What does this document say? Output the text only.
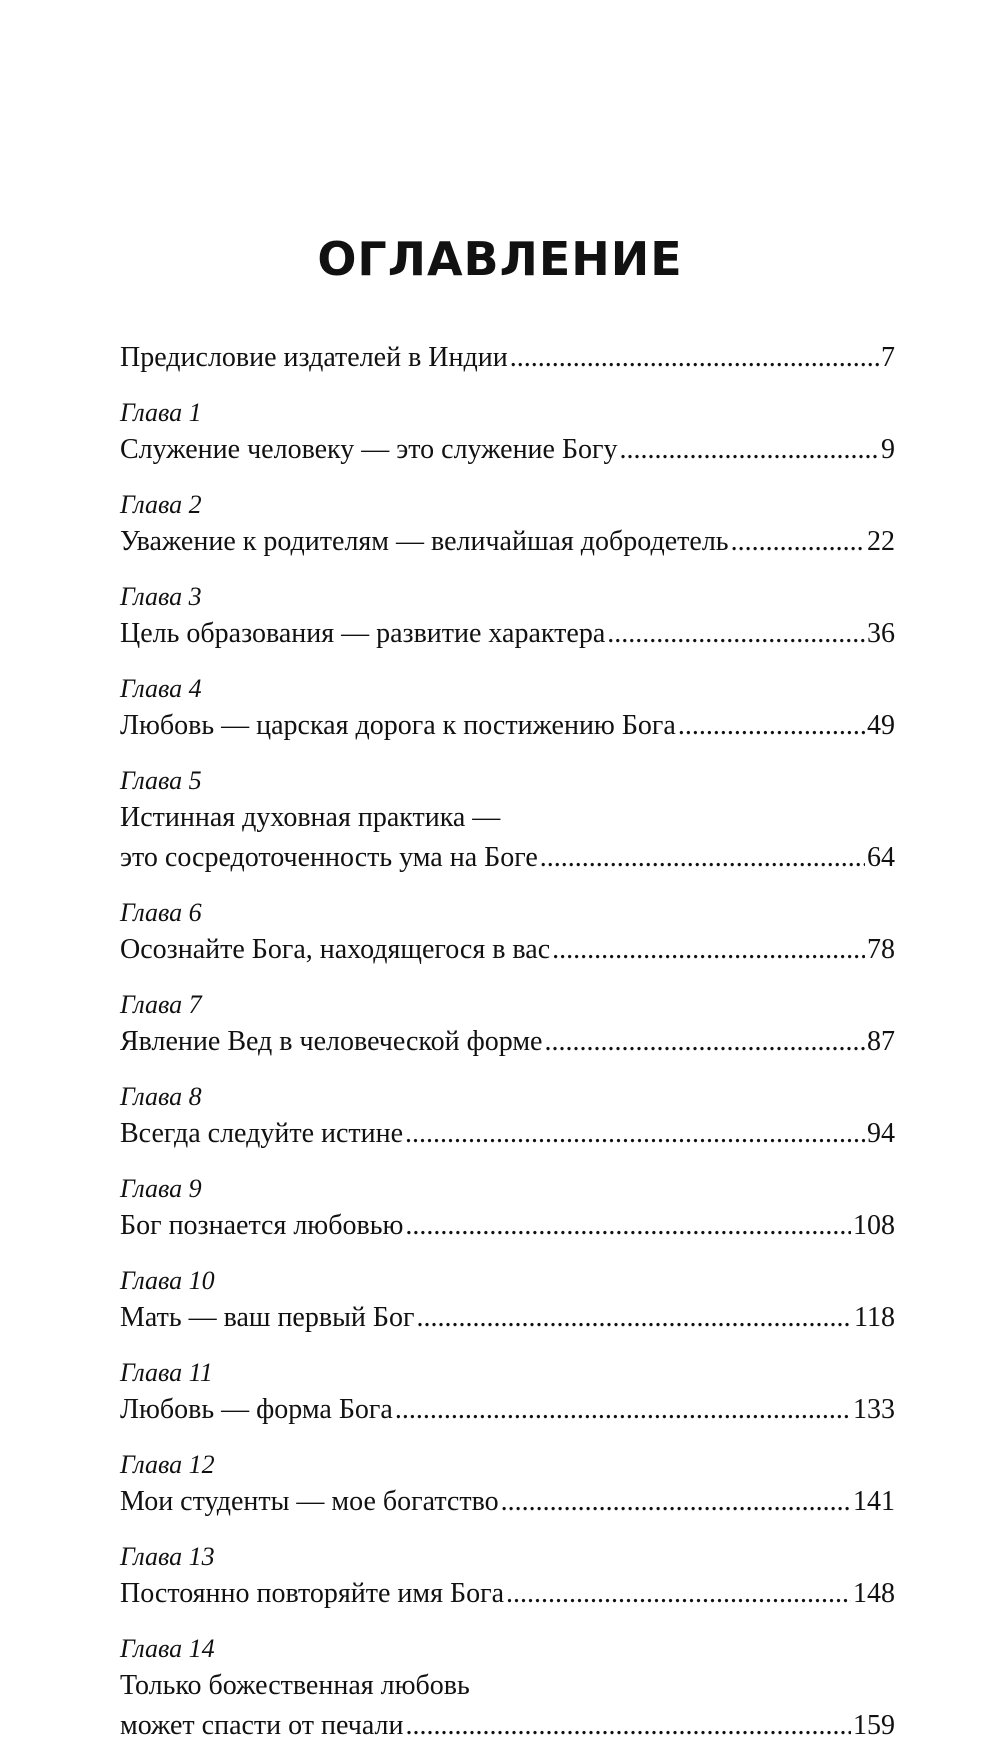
ОГЛАВЛЕНИЕ
Предисловие издателей в Индии .....	7
Глава 1
Служение человеку — это служение Богу .....	9
Глава 2
Уважение к родителям — величайшая добродетель .....	22
Глава 3
Цель образования — развитие характера .....	36
Глава 4
Любовь — царская дорога к постижению Бога .....	49
Глава 5
Истинная духовная практика —
это сосредоточенность ума на Боге .....	64
Глава 6
Осознайте Бога, находящегося в вас .....	78
Глава 7
Явление Вед в человеческой форме .....	87
Глава 8
Всегда следуйте истине .....	94
Глава 9
Бог познается любовью .....	108
Глава 10
Мать — ваш первый Бог .....	118
Глава 11
Любовь — форма Бога .....	133
Глава 12
Мои студенты — мое богатство .....	141
Глава 13
Постоянно повторяйте имя Бога .....	148
Глава 14
Только божественная любовь
может спасти от печали .....	159
